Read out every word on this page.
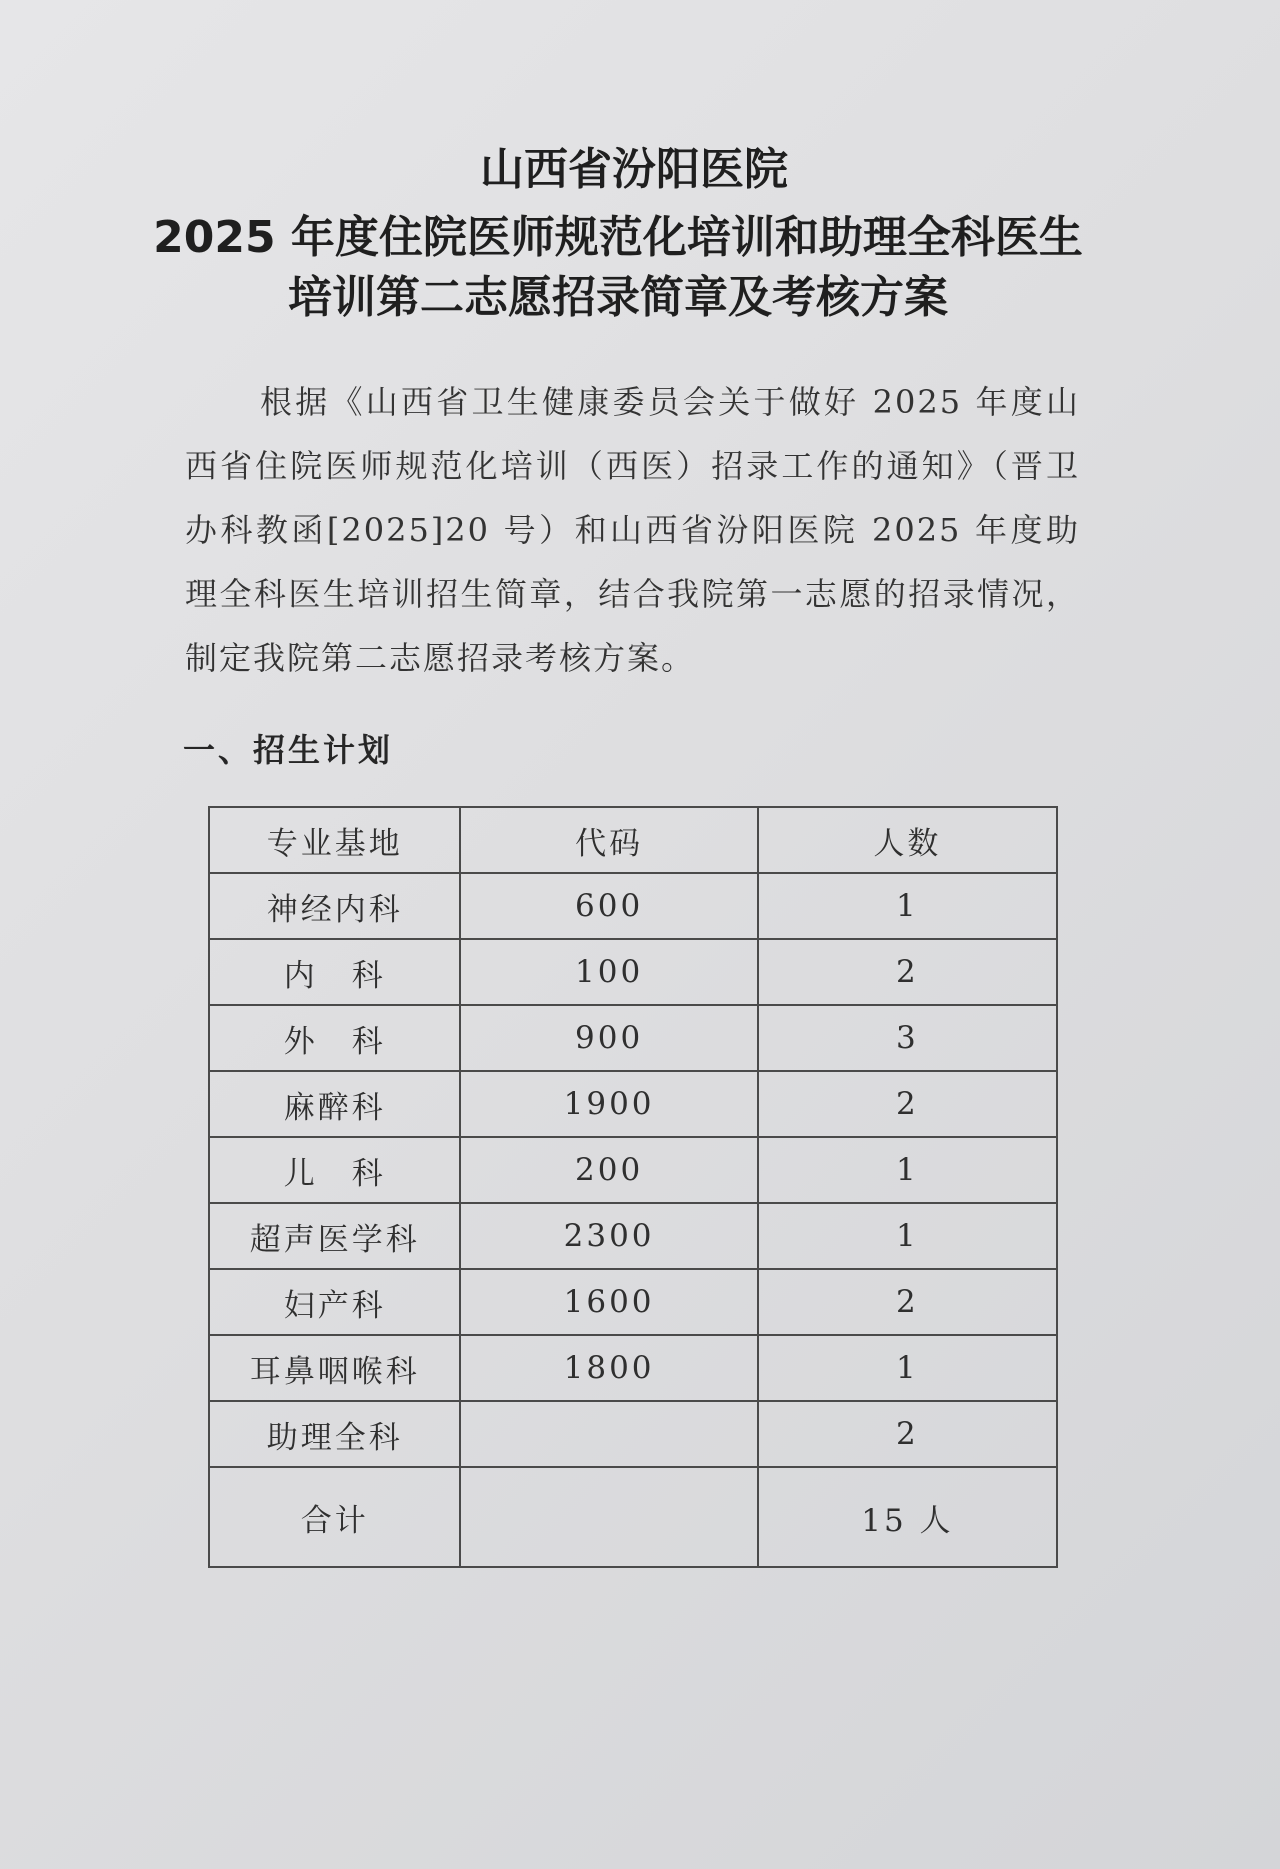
山西省汾阳医院
2025 年度住院医师规范化培训和助理全科医生
培训第二志愿招录简章及考核方案

根据《山西省卫生健康委员会关于做好 2025 年度山西省住院医师规范化培训（西医）招录工作的通知》（晋卫办科教函[2025]20 号）和山西省汾阳医院 2025 年度助理全科医生培训招生简章，结合我院第一志愿的招录情况，制定我院第二志愿招录考核方案。

一、招生计划

专业基地	代码	人数
神经内科	600	1
内　科	100	2
外　科	900	3
麻醉科	1900	2
儿　科	200	1
超声医学科	2300	1
妇产科	1600	2
耳鼻咽喉科	1800	1
助理全科		2
合计		15 人
